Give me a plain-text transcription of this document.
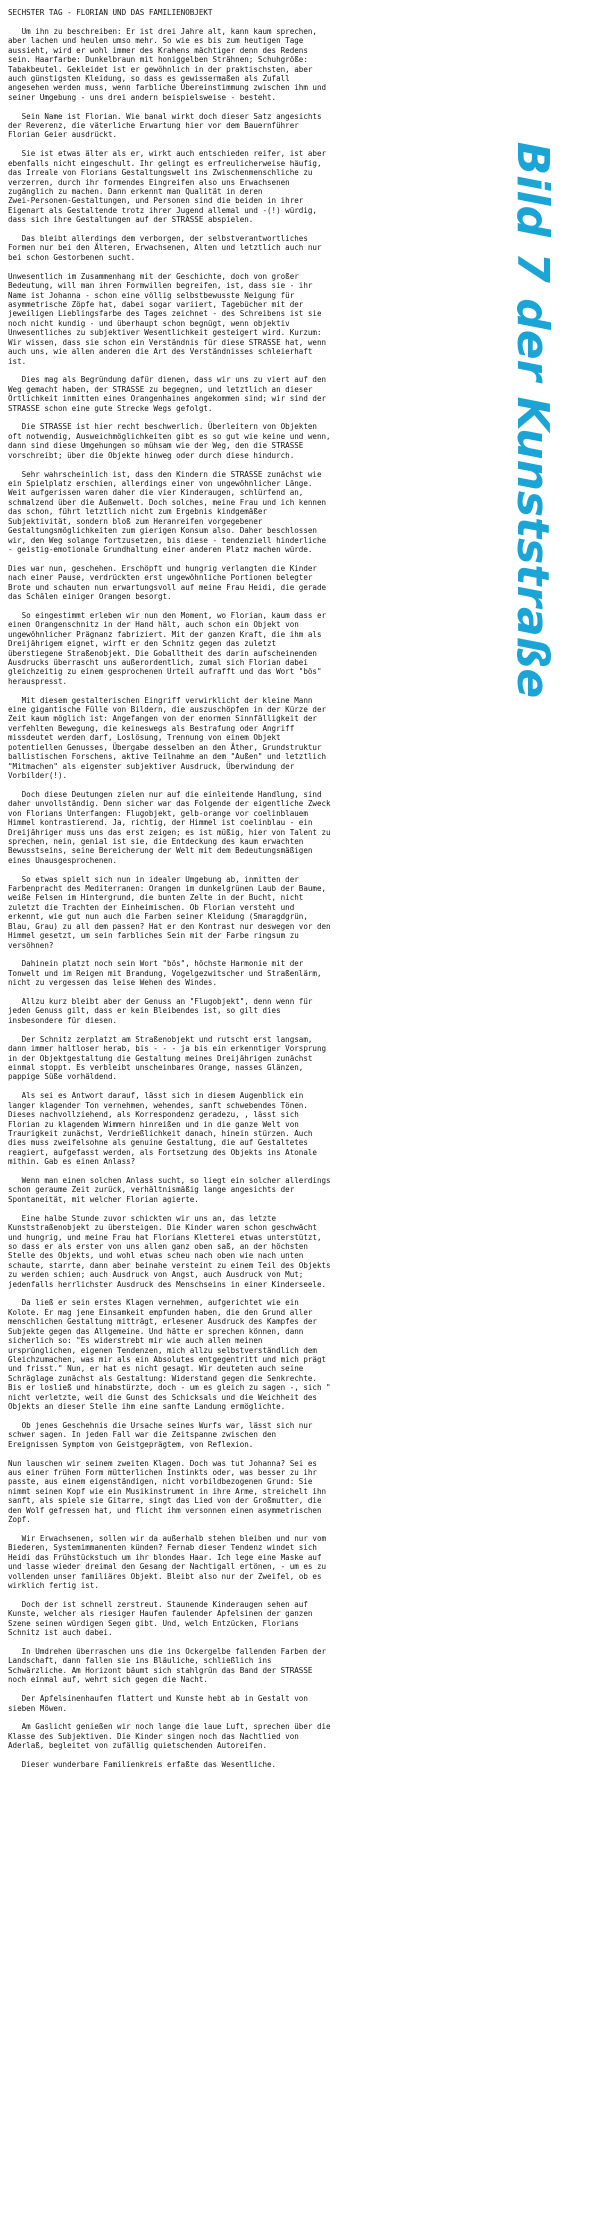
SECHSTER TAG - FLORIAN UND DAS FAMILIENOBJEKT

Um ihn zu beschreiben: Er ist drei Jahre alt, kann kaum sprechen,
aber lachen und heulen umso mehr. So wie es bis zum heutigen Tage
aussieht, wird er wohl immer des Krahens mächtiger denn des Redens
sein. Haarfarbe: Dunkelbraun mit honiggelben Strähnen; Schuhgröße:
Tabakbeutel. Gekleidet ist er gewöhnlich in der praktischsten, aber
auch günstigsten Kleidung, so dass es gewissermaßen als Zufall
angesehen werden muss, wenn farbliche Übereinstimmung zwischen ihm und
seiner Umgebung - uns drei andern beispielsweise - besteht.

Sein Name ist Florian. Wie banal wirkt doch dieser Satz angesichts
der Reverenz, die väterliche Erwartung hier vor dem Bauernführer
Florian Geier ausdrückt.

Sie ist etwas älter als er, wirkt auch entschieden reifer, ist aber
ebenfalls nicht eingeschult. Ihr gelingt es erfreulicherweise häufig,
das Irreale von Florians Gestaltungswelt ins Zwischenmenschliche zu
verzerren, durch ihr formendes Eingreifen also uns Erwachsenen
zugänglich zu machen. Dann erkennt man Qualität in deren
Zwei-Personen-Gestaltungen, und Personen sind die beiden in ihrer
Eigenart als Gestaltende trotz ihrer Jugend allemal und -(!) würdig,
dass sich ihre Gestaltungen auf der STRASSE abspielen.

Das bleibt allerdings dem verborgen, der selbstverantwortliches
Formen nur bei den Älteren, Erwachsenen, Alten und letztlich auch nur
bei schon Gestorbenen sucht.

Unwesentlich im Zusammenhang mit der Geschichte, doch von großer
Bedeutung, will man ihren Formwillen begreifen, ist, dass sie - ihr
Name ist Johanna - schon eine völlig selbstbewusste Neigung für
asymmetrische Zöpfe hat, dabei sogar variiert, Tagebücher mit der
jeweiligen Lieblingsfarbe des Tages zeichnet - des Schreibens ist sie
noch nicht kundig - und überhaupt schon begnügt, wenn objektiv
Unwesentliches zu subjektiver Wesentlichkeit gesteigert wird. Kurzum:
Wir wissen, dass sie schon ein Verständnis für diese STRASSE hat, wenn
auch uns, wie allen anderen die Art des Verständnisses schleierhaft
ist.

Dies mag als Begründung dafür dienen, dass wir uns zu viert auf den
Weg gemacht haben, der STRASSE zu begegnen, und letztlich an dieser
Örtlichkeit inmitten eines Orangenhaines angekommen sind; wir sind der
STRASSE schon eine gute Strecke Wegs gefolgt.

Die STRASSE ist hier recht beschwerlich. Überleitern von Objekten
oft notwendig, Ausweichmöglichkeiten gibt es so gut wie keine und wenn,
dann sind diese Umgehungen so mühsam wie der Weg, den die STRASSE
vorschreibt; über die Objekte hinweg oder durch diese hindurch.

Sehr wahrscheinlich ist, dass den Kindern die STRASSE zunächst wie
ein Spielplatz erschien, allerdings einer von ungewöhnlicher Länge.
Weit aufgerissen waren daher die vier Kinderaugen, schlürfend an,
schmalzend über die Außenwelt. Doch solches, meine Frau und ich kennen
das schon, führt letztlich nicht zum Ergebnis kindgemäßer
Subjektivität, sondern bloß zum Heranreifen vorgegebener
Gestaltungsmöglichkeiten zum gierigen Konsum also. Daher beschlossen
wir, den Weg solange fortzusetzen, bis diese - tendenziell hinderliche
- geistig-emotionale Grundhaltung einer anderen Platz machen würde.

Dies war nun, geschehen. Erschöpft und hungrig verlangten die Kinder
nach einer Pause, verdrückten erst ungewöhnliche Portionen belegter
Brote und schauten nun erwartungsvoll auf meine Frau Heidi, die gerade
das Schälen einiger Orangen besorgt.

So eingestimmt erleben wir nun den Moment, wo Florian, kaum dass er
einen Orangenschnitz in der Hand hält, auch schon ein Objekt von
ungewöhnlicher Prägnanz fabriziert. Mit der ganzen Kraft, die ihm als
Dreijährigem eignet, wirft er den Schnitz gegen das zuletzt
überstiegene Straßenobjekt. Die Goballtheit des darin aufscheinenden
Ausdrucks überrascht uns außerordentlich, zumal sich Florian dabei
gleichzeitig zu einem gesprochenen Urteil aufrafft und das Wort "bös"
herauspresst.

Mit diesem gestalterischen Eingriff verwirklicht der kleine Mann
eine gigantische Fülle von Bildern, die auszuschöpfen in der Kürze der
Zeit kaum möglich ist: Angefangen von der enormen Sinnfälligkeit der
verfehlten Bewegung, die keineswegs als Bestrafung oder Angriff
missdeutet werden darf, Loslösung, Trennung von einem Objekt
potentiellen Genusses, Übergabe desselben an den Äther, Grundstruktur
ballistischen Forschens, aktive Teilnahme an dem "Außen" und letztlich
"Mitmachen" als eigenster subjektiver Ausdruck, Überwindung der
Vorbilder(!).

Doch diese Deutungen zielen nur auf die einleitende Handlung, sind
daher unvollständig. Denn sicher war das Folgende der eigentliche Zweck
von Florians Unterfangen: Flugobjekt, gelb-orange vor coelinblauem
Himmel kontrastierend. Ja, richtig, der Himmel ist coelinblau - ein
Dreijähriger muss uns das erst zeigen; es ist müßig, hier von Talent zu
sprechen, nein, genial ist sie, die Entdeckung des kaum erwachten
Bewusstseins, seine Bereicherung der Welt mit dem Bedeutungsmäßigen
eines Unausgesprochenen.

So etwas spielt sich nun in idealer Umgebung ab, inmitten der
Farbenpracht des Mediterranen: Orangen im dunkelgrünen Laub der Baume,
weiße Felsen im Hintergrund, die bunten Zelte in der Bucht, nicht
zuletzt die Trachten der Einheimischen. Ob Florian versteht und
erkennt, wie gut nun auch die Farben seiner Kleidung (Smaragdgrün,
Blau, Grau) zu all dem passen? Hat er den Kontrast nur deswegen vor den
Himmel gesetzt, um sein farbliches Sein mit der Farbe ringsum zu
versöhnen?

Dahinein platzt noch sein Wort "bös", höchste Harmonie mit der
Tonwelt und im Reigen mit Brandung, Vogelgezwitscher und Straßenlärm,
nicht zu vergessen das leise Wehen des Windes.

Allzu kurz bleibt aber der Genuss an "Flugobjekt", denn wenn für
jeden Genuss gilt, dass er kein Bleibendes ist, so gilt dies
insbesondere für diesen.

Der Schnitz zerplatzt am Straßenobjekt und rutscht erst langsam,
dann immer haltloser herab, bis - - - ja bis ein erkenntiger Vorsprung
in der Objektgestaltung die Gestaltung meines Dreijährigen zunächst
einmal stoppt. Es verbleibt unscheinbares Orange, nasses Glänzen,
pappige Süße vorhäldend.

Als sei es Antwort darauf, lässt sich in diesem Augenblick ein
langer klagender Ton vernehmen, wehendes, sanft schwebendes Tönen.
Dieses nachvollziehend, als Korrespondenz geradezu, , lässt sich
Florian zu klagendem Wimmern hinreißen und in die ganze Welt von
Traurigkeit zunächst, Verdrießlichkeit danach, hinein stürzen. Auch
dies muss zweifelsohne als genuine Gestaltung, die auf Gestaltetes
reagiert, aufgefasst werden, als Fortsetzung des Objekts ins Atonale
mithin. Gab es einen Anlass?

Wenn man einen solchen Anlass sucht, so liegt ein solcher allerdings
schon geraume Zeit zurück, verhältnismäßig lange angesichts der
Spontaneität, mit welcher Florian agierte.

Eine halbe Stunde zuvor schickten wir uns an, das letzte
Kunststraßenobjekt zu übersteigen. Die Kinder waren schon geschwächt
und hungrig, und meine Frau hat Florians Kletterei etwas unterstützt,
so dass er als erster von uns allen ganz oben saß, an der höchsten
Stelle des Objekts, und wohl etwas scheu nach oben wie nach unten
schaute, starrte, dann aber beinahe versteint zu einem Teil des Objekts
zu werden schien; auch Ausdruck von Angst, auch Ausdruck von Mut;
jedenfalls herrlichster Ausdruck des Menschseins in einer Kinderseele.

Da ließ er sein erstes Klagen vernehmen, aufgerichtet wie ein
Kolote. Er mag jene Einsamkeit empfunden haben, die den Grund aller
menschlichen Gestaltung mitträgt, erlesener Ausdruck des Kampfes der
Subjekte gegen das Allgemeine. Und hätte er sprechen können, dann
sicherlich so: "Es widerstrebt mir wie auch allen meinen
ursprünglichen, eigenen Tendenzen, mich allzu selbstverständlich dem
Gleichzumachen, was mir als ein Absolutes entgegentritt und mich prägt
und frisst." Nun, er hat es nicht gesagt. Wir deuteten auch seine
Schräglage zunächst als Gestaltung: Widerstand gegen die Senkrechte.
Bis er losließ und hinabstürzte, doch - um es gleich zu sagen -, sich "
nicht verletzte, weil die Gunst des Schicksals und die Weichheit des
Objekts an dieser Stelle ihm eine sanfte Landung ermöglichte.

Ob jenes Geschehnis die Ursache seines Wurfs war, lässt sich nur
schwer sagen. In jeden Fall war die Zeitspanne zwischen den
Ereignissen Symptom von Geistgeprägtem, von Reflexion.

Nun lauschen wir seinem zweiten Klagen. Doch was tut Johanna? Sei es
aus einer frühen Form mütterlichen Instinkts oder, was besser zu ihr
passte, aus einem eigenständigen, nicht vorbildbezogenen Grund: Sie
nimmt seinen Kopf wie ein Musikinstrument in ihre Arme, streichelt ihn
sanft, als spiele sie Gitarre, singt das Lied von der Großmutter, die
den Wolf gefressen hat, und flicht ihm versonnen einen asymmetrischen
Zopf.

Wir Erwachsenen, sollen wir da außerhalb stehen bleiben und nur vom
Biederen, Systemimmanenten künden? Fernab dieser Tendenz windet sich
Heidi das Frühstückstuch um ihr blondes Haar. Ich lege eine Maske auf
und lasse wieder dreimal den Gesang der Nachtigall ertönen, - um es zu
vollenden unser familiäres Objekt. Bleibt also nur der Zweifel, ob es
wirklich fertig ist.

Doch der ist schnell zerstreut. Staunende Kinderaugen sehen auf
Kunste, welcher als riesiger Haufen faulender Apfelsinen der ganzen
Szene seinen würdigen Segen gibt. Und, welch Entzücken, Florians
Schnitz ist auch dabei.

In Umdrehen überraschen uns die ins Ockergelbe fallenden Farben der
Landschaft, dann fallen sie ins Bläuliche, schließlich ins
Schwärzliche. Am Horizont bäumt sich stahlgrün das Band der STRASSE
noch einmal auf, wehrt sich gegen die Nacht.

Der Apfelsinenhaufen flattert und Kunste hebt ab in Gestalt von
sieben Möwen.

Am Gaslicht genießen wir noch lange die laue Luft, sprechen über die
Klasse des Subjektiven. Die Kinder singen noch das Nachtlied von
Aderlaß, begleitet von zufällig quietschenden Autoreifen.

Dieser wunderbare Familienkreis erfaßte das Wesentliche.

Bild 7 der Kunststraße
